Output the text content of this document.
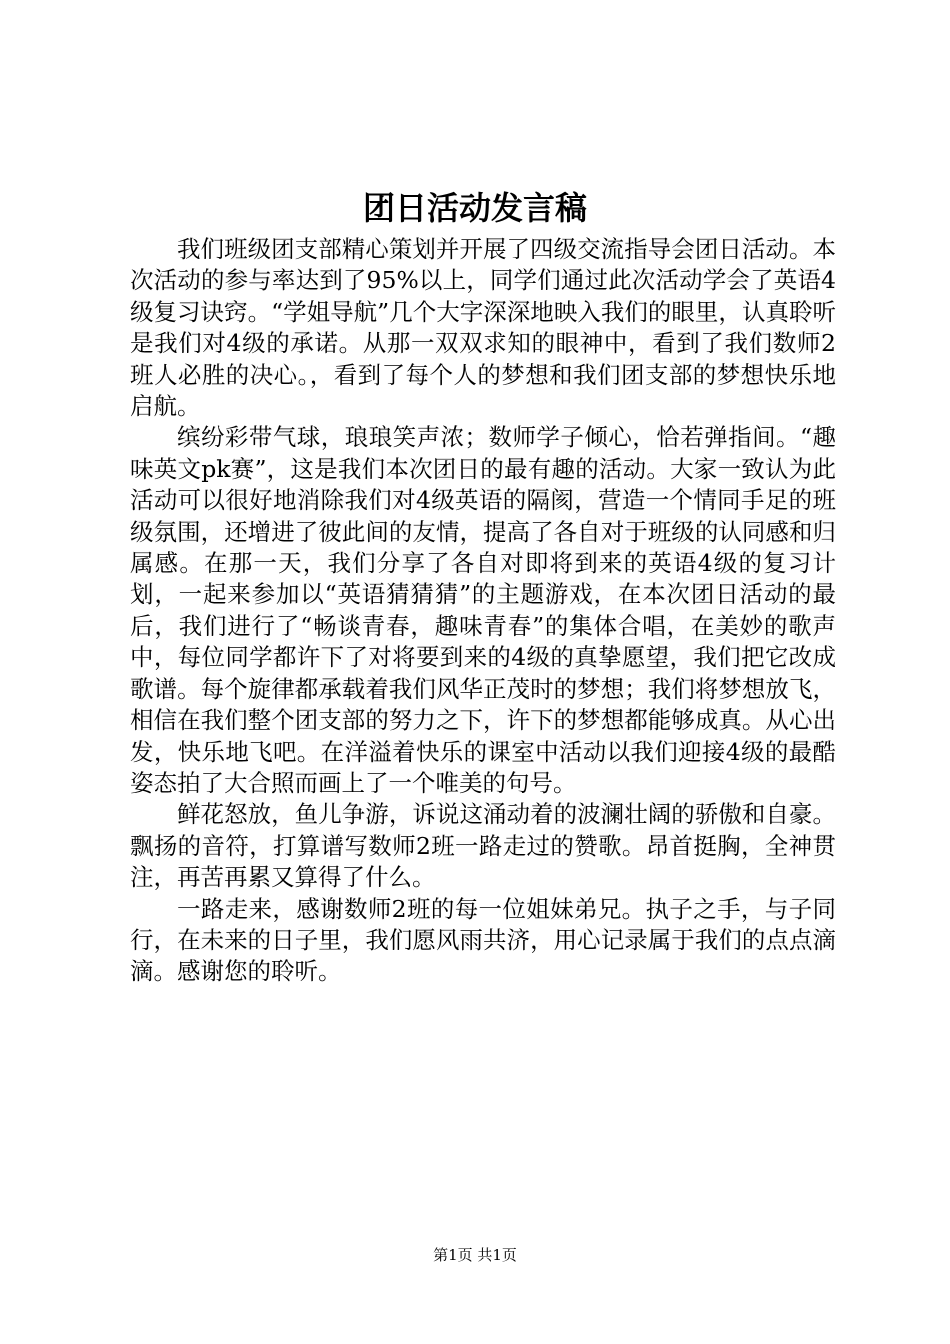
团日活动发言稿

我们班级团支部精心策划并开展了四级交流指导会团日活动。本次活动的参与率达到了95%以上，同学们通过此次活动学会了英语4级复习诀窍。“学姐导航”几个大字深深地映入我们的眼里，认真聆听是我们对4级的承诺。从那一双双求知的眼神中，看到了我们数师2班人必胜的决心。，看到了每个人的梦想和我们团支部的梦想快乐地启航。

缤纷彩带气球，琅琅笑声浓；数师学子倾心，恰若弹指间。“趣味英文pk赛”，这是我们本次团日的最有趣的活动。大家一致认为此活动可以很好地消除我们对4级英语的隔阂，营造一个情同手足的班级氛围，还增进了彼此间的友情，提高了各自对于班级的认同感和归属感。在那一天，我们分享了各自对即将到来的英语4级的复习计划，一起来参加以“英语猜猜猜”的主题游戏，在本次团日活动的最后，我们进行了“畅谈青春，趣味青春”的集体合唱，在美妙的歌声中，每位同学都许下了对将要到来的4级的真挚愿望，我们把它改成歌谱。每个旋律都承载着我们风华正茂时的梦想；我们将梦想放飞，相信在我们整个团支部的努力之下，许下的梦想都能够成真。从心出发，快乐地飞吧。在洋溢着快乐的课室中活动以我们迎接4级的最酷姿态拍了大合照而画上了一个唯美的句号。

鲜花怒放，鱼儿争游，诉说这涌动着的波澜壮阔的骄傲和自豪。飘扬的音符，打算谱写数师2班一路走过的赞歌。昂首挺胸，全神贯注，再苦再累又算得了什么。

一路走来，感谢数师2班的每一位姐妹弟兄。执子之手，与子同行，在未来的日子里，我们愿风雨共济，用心记录属于我们的点点滴滴。感谢您的聆听。

第1页 共1页
